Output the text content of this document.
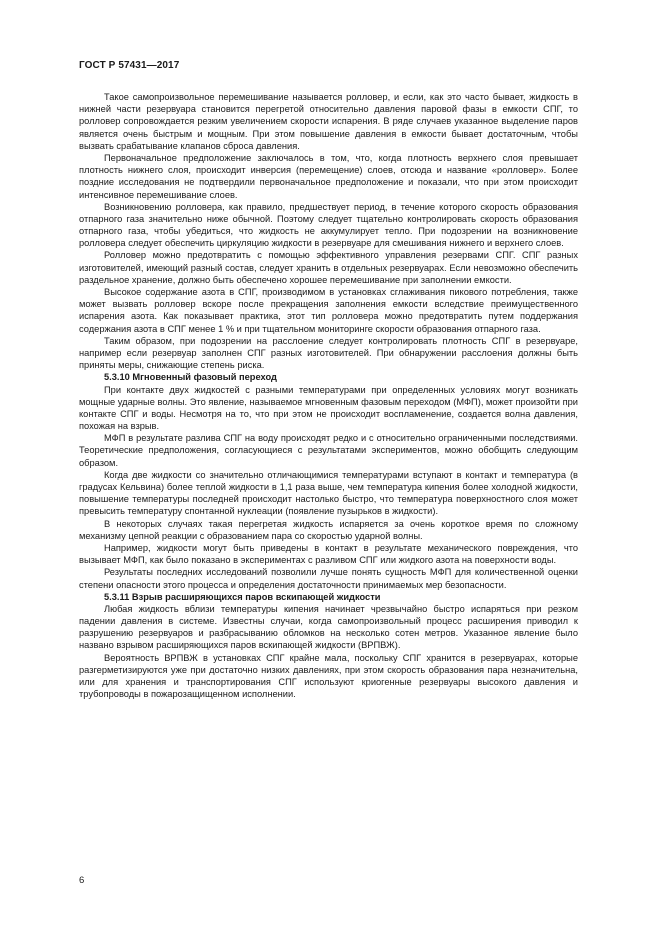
ГОСТ Р 57431—2017

Такое самопроизвольное перемешивание называется ролловер, и если, как это часто бывает, жидкость в нижней части резервуара становится перегретой относительно давления паровой фазы в емкости СПГ, то ролловер сопровождается резким увеличением скорости испарения. В ряде случаев указанное выделение паров является очень быстрым и мощным. При этом повышение давления в емкости бывает достаточным, чтобы вызвать срабатывание клапанов сброса давления.

Первоначальное предположение заключалось в том, что, когда плотность верхнего слоя превышает плотность нижнего слоя, происходит инверсия (перемещение) слоев, отсюда и название «ролловер». Более поздние исследования не подтвердили первоначальное предположение и показали, что при этом происходит интенсивное перемешивание слоев.

Возникновению ролловера, как правило, предшествует период, в течение которого скорость образования отпарного газа значительно ниже обычной. Поэтому следует тщательно контролировать скорость образования отпарного газа, чтобы убедиться, что жидкость не аккумулирует тепло. При подозрении на возникновение ролловера следует обеспечить циркуляцию жидкости в резервуаре для смешивания нижнего и верхнего слоев.

Ролловер можно предотвратить с помощью эффективного управления резервами СПГ. СПГ разных изготовителей, имеющий разный состав, следует хранить в отдельных резервуарах. Если невозможно обеспечить раздельное хранение, должно быть обеспечено хорошее перемешивание при заполнении емкости.

Высокое содержание азота в СПГ, производимом в установках сглаживания пикового потребления, также может вызвать ролловер вскоре после прекращения заполнения емкости вследствие преимущественного испарения азота. Как показывает практика, этот тип ролловера можно предотвратить путем поддержания содержания азота в СПГ менее 1 % и при тщательном мониторинге скорости образования отпарного газа.

Таким образом, при подозрении на расслоение следует контролировать плотность СПГ в резервуаре, например если резервуар заполнен СПГ разных изготовителей. При обнаружении расслоения должны быть приняты меры, снижающие степень риска.

5.3.10 Мгновенный фазовый переход

При контакте двух жидкостей с разными температурами при определенных условиях могут возникать мощные ударные волны. Это явление, называемое мгновенным фазовым переходом (МФП), может произойти при контакте СПГ и воды. Несмотря на то, что при этом не происходит воспламенение, создается волна давления, похожая на взрыв.

МФП в результате разлива СПГ на воду происходят редко и с относительно ограниченными последствиями. Теоретические предположения, согласующиеся с результатами экспериментов, можно обобщить следующим образом.

Когда две жидкости со значительно отличающимися температурами вступают в контакт и температура (в градусах Кельвина) более теплой жидкости в 1,1 раза выше, чем температура кипения более холодной жидкости, повышение температуры последней происходит настолько быстро, что температура поверхностного слоя может превысить температуру спонтанной нуклеации (появление пузырьков в жидкости).

В некоторых случаях такая перегретая жидкость испаряется за очень короткое время по сложному механизму цепной реакции с образованием пара со скоростью ударной волны.

Например, жидкости могут быть приведены в контакт в результате механического повреждения, что вызывает МФП, как было показано в экспериментах с разливом СПГ или жидкого азота на поверхности воды.

Результаты последних исследований позволили лучше понять сущность МФП для количественной оценки степени опасности этого процесса и определения достаточности принимаемых мер безопасности.

5.3.11 Взрыв расширяющихся паров вскипающей жидкости

Любая жидкость вблизи температуры кипения начинает чрезвычайно быстро испаряться при резком падении давления в системе. Известны случаи, когда самопроизвольный процесс расширения приводил к разрушению резервуаров и разбрасыванию обломков на несколько сотен метров. Указанное явление было названо взрывом расширяющихся паров вскипающей жидкости (ВРПВЖ).

Вероятность ВРПВЖ в установках СПГ крайне мала, поскольку СПГ хранится в резервуарах, которые разгерметизируются уже при достаточно низких давлениях, при этом скорость образования пара незначительна, или для хранения и транспортирования СПГ используют криогенные резервуары высокого давления и трубопроводы в пожарозащищенном исполнении.

6
